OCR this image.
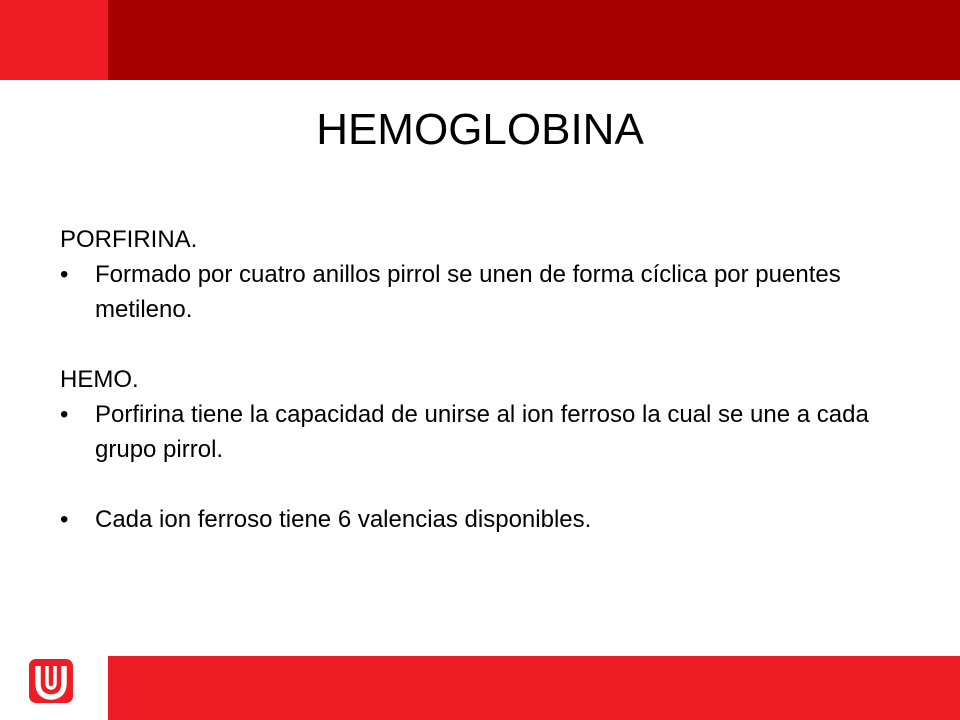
HEMOGLOBINA

PORFIRINA.

• Formado por cuatro anillos pirrol se unen de forma cíclica por puentes metileno.

HEMO.

• Porfirina tiene la capacidad de unirse al ion ferroso la cual se une a cada grupo pirrol.

• Cada ion ferroso tiene 6 valencias disponibles.
